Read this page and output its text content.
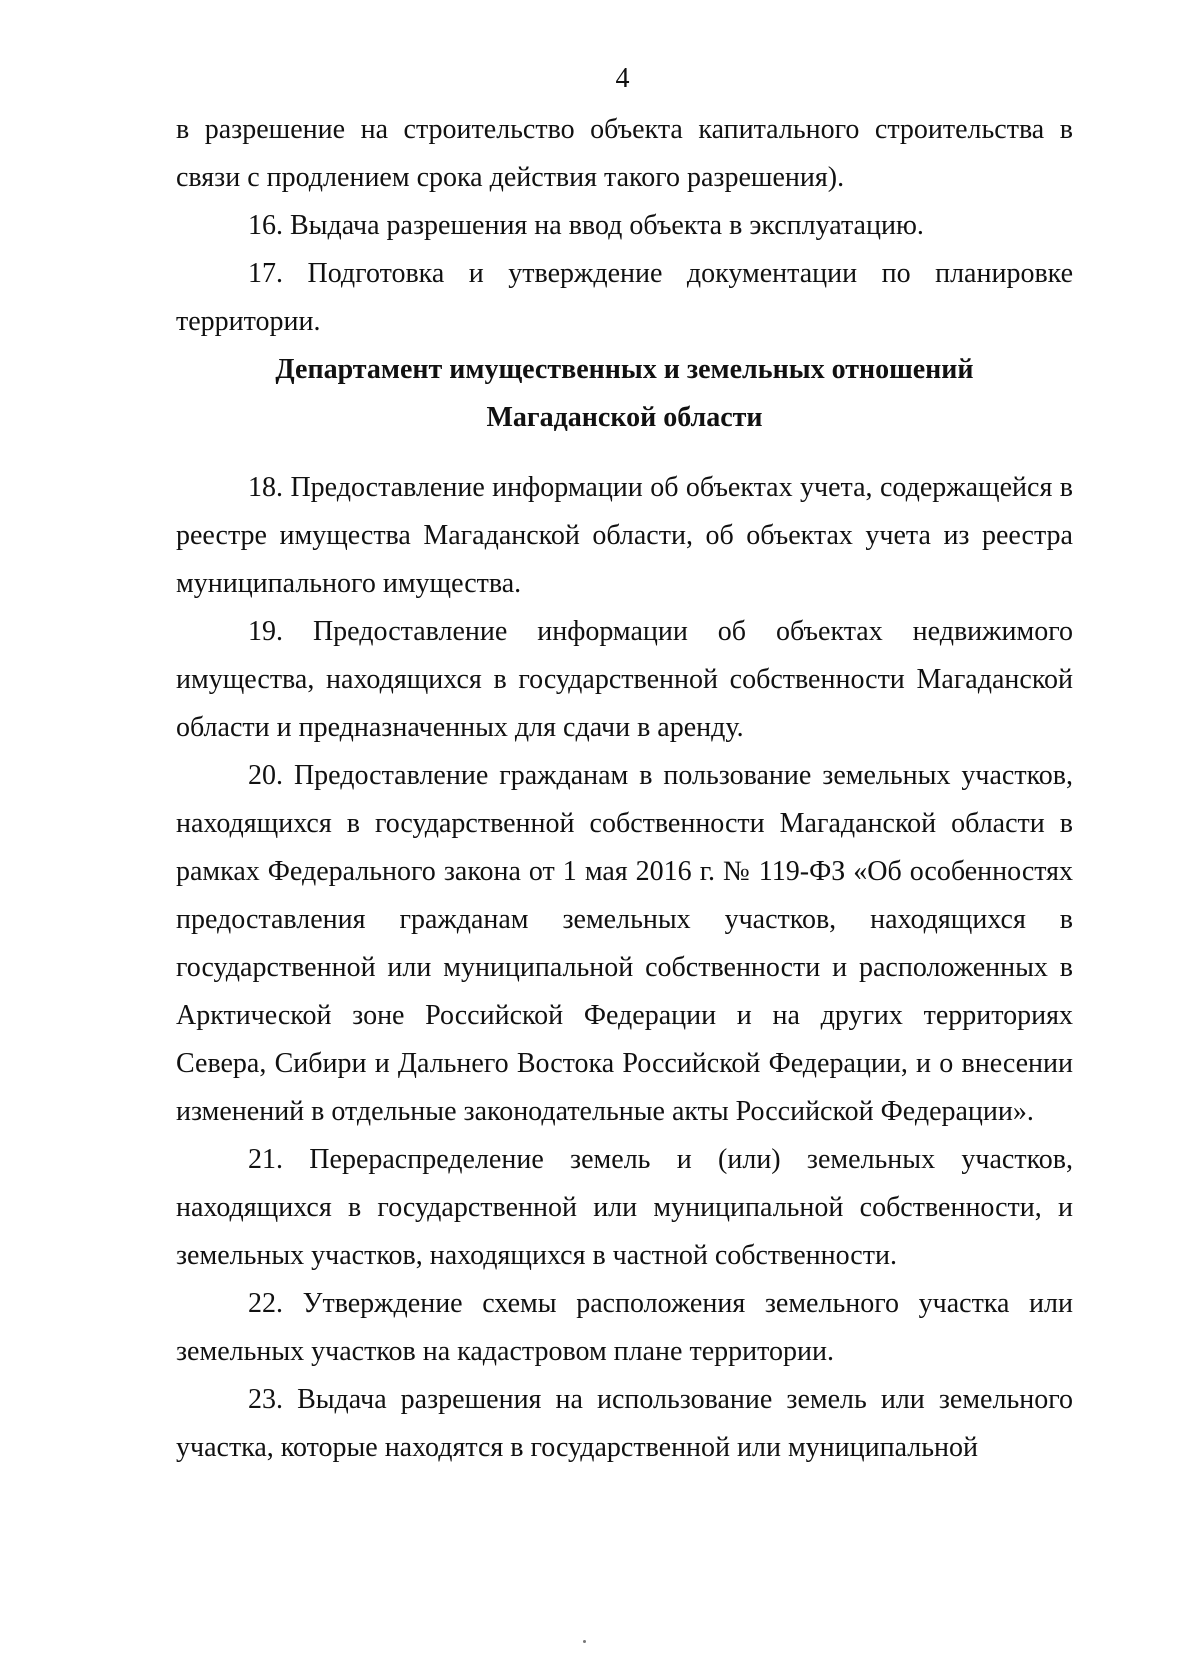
4

в разрешение на строительство объекта капитального строительства в связи с продлением срока действия такого разрешения).

16. Выдача разрешения на ввод объекта в эксплуатацию.

17. Подготовка и утверждение документации по планировке территории.

Департамент имущественных и земельных отношений
Магаданской области

18. Предоставление информации об объектах учета, содержащейся в реестре имущества Магаданской области, об объектах учета из реестра муниципального имущества.

19. Предоставление информации об объектах недвижимого имущества, находящихся в государственной собственности Магаданской области и предназначенных для сдачи в аренду.

20. Предоставление гражданам в пользование земельных участков, находящихся в государственной собственности Магаданской области в рамках Федерального закона от 1 мая 2016 г. № 119-ФЗ «Об особенностях предоставления гражданам земельных участков, находящихся в государственной или муниципальной собственности и расположенных в Арктической зоне Российской Федерации и на других территориях Севера, Сибири и Дальнего Востока Российской Федерации, и о внесении изменений в отдельные законодательные акты Российской Федерации».

21. Перераспределение земель и (или) земельных участков, находящихся в государственной или муниципальной собственности, и земельных участков, находящихся в частной собственности.

22. Утверждение схемы расположения земельного участка или земельных участков на кадастровом плане территории.

23. Выдача разрешения на использование земель или земельного участка, которые находятся в государственной или муниципальной
